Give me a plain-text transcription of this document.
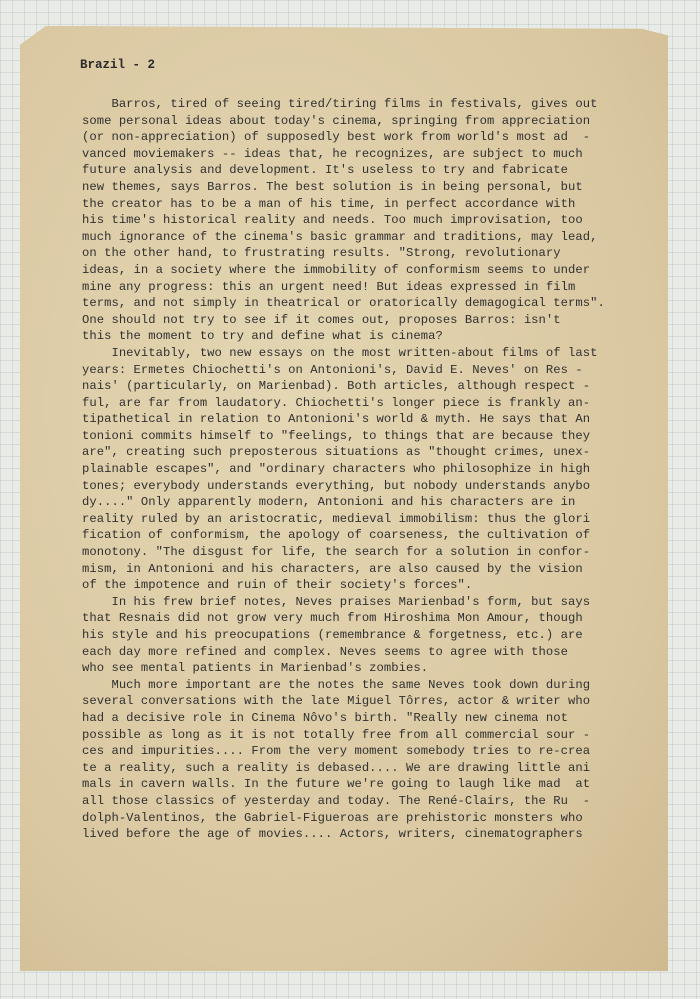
Brazil - 2
Barros, tired of seeing tired/tiring films in festivals, gives out
some personal ideas about today's cinema, springing from appreciation
(or non-appreciation) of supposedly best work from world's most ad  -
vanced moviemakers -- ideas that, he recognizes, are subject to much
future analysis and development. It's useless to try and fabricate
new themes, says Barros. The best solution is in being personal, but
the creator has to be a man of his time, in perfect accordance with
his time's historical reality and needs. Too much improvisation, too
much ignorance of the cinema's basic grammar and traditions, may lead,
on the other hand, to frustrating results. "Strong, revolutionary
ideas, in a society where the immobility of conformism seems to under
mine any progress: this an urgent need! But ideas expressed in film
terms, and not simply in theatrical or oratorically demagogical terms".
One should not try to see if it comes out, proposes Barros: isn't
this the moment to try and define what is cinema?
Inevitably, two new essays on the most written-about films of last
years: Ermetes Chiochetti's on Antonioni's, David E. Neves' on Res -
nais' (particularly, on Marienbad). Both articles, although respect -
ful, are far from laudatory. Chiochetti's longer piece is frankly an-
tipathetical in relation to Antonioni's world & myth. He says that An
tonioni commits himself to "feelings, to things that are because they
are", creating such preposterous situations as "thought crimes, unex-
plainable escapes", and "ordinary characters who philosophize in high
tones; everybody understands everything, but nobody understands anybo
dy...." Only apparently modern, Antonioni and his characters are in
reality ruled by an aristocratic, medieval immobilism: thus the glori
fication of conformism, the apology of coarseness, the cultivation of
monotony. "The disgust for life, the search for a solution in confor-
mism, in Antonioni and his characters, are also caused by the vision
of the impotence and ruin of their society's forces".
In his frew brief notes, Neves praises Marienbad's form, but says
that Resnais did not grow very much from Hiroshima Mon Amour, though
his style and his preocupations (remembrance & forgetness, etc.) are
each day more refined and complex. Neves seems to agree with those
who see mental patients in Marienbad's zombies.
Much more important are the notes the same Neves took down during
several conversations with the late Miguel Tôrres, actor & writer who
had a decisive role in Cinema Nôvo's birth. "Really new cinema not
possible as long as it is not totally free from all commercial sour -
ces and impurities.... From the very moment somebody tries to re-crea
te a reality, such a reality is debased.... We are drawing little ani
mals in cavern walls. In the future we're going to laugh like mad  at
all those classics of yesterday and today. The René-Clairs, the Ru  -
dolph-Valentinos, the Gabriel-Figueroas are prehistoric monsters who
lived before the age of movies.... Actors, writers, cinematographers
